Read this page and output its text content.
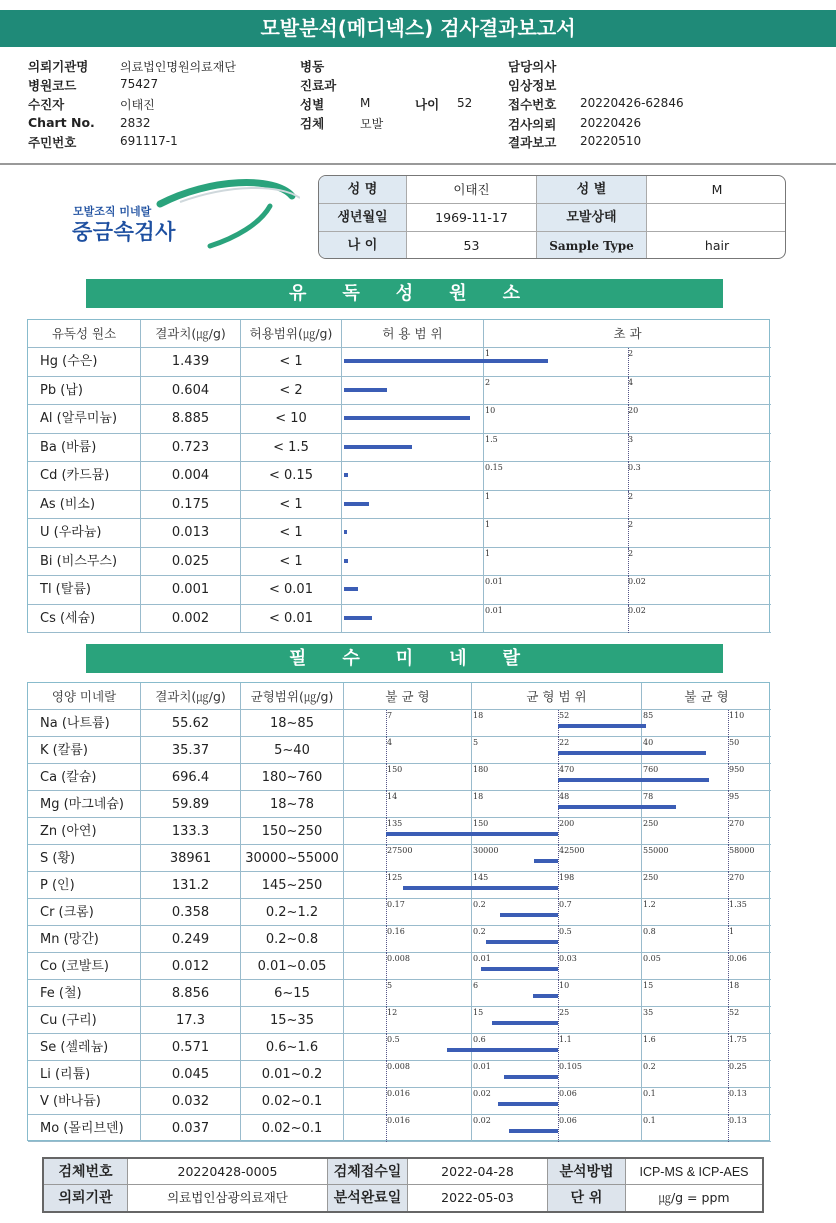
모발분석(메디넥스) 검사결과보고서
의뢰기관명	의료법인명원의료재단
병원코드	75427
수진자	이태진
Chart No. 2832
주민번호	691117-1
병동
진료과
성별	M
검체	모발
나이 52
담당의사
임상정보
접수번호 20220426-62846
검사의뢰 20220426
결과보고 20220510
모발조직 미네랄
중금속검사
성 명	이태진	성 별	M
생년월일	1969-11-17	모발상태
나 이	53	Sample Type	hair
유 독 성 원 소
유독성 원소	결과치(㎍/g)	허용범위(㎍/g)	허 용 범 위	초 과
Hg (수은)	1.439	< 1
1	2
Pb (납)	0.604	< 2
2	4
Al (알루미늄)	8.885	< 10
10	20
Ba (바륨)	0.723	< 1.5
1.5	3
Cd (카드뮴)	0.004	< 0.15
0.15	0.3
As (비소)	0.175	< 1
1	2
U (우라늄)	0.013	< 1
1	2
Bi (비스무스)	0.025	< 1
1	2
Tl (탈륨)	0.001	< 0.01
0.01	0.02
Cs (세슘)	0.002	< 0.01
0.01	0.02
필 수 미 네 랄
영양 미네랄	결과치(㎍/g)	균형범위(㎍/g)	불 균 형	균 형 범 위	불 균 형
Na (나트륨)	55.62	18~85
7	18	52	85	110
K (칼륨)	35.37	5~40
4	5	22	40	50
Ca (칼슘)	696.4	180~760
150	180	470	760	950
Mg (마그네슘)	59.89	18~78
14	18	48	78	95
Zn (아연)	133.3	150~250
135	150	200	250	270
S (황)	38961	30000~55000
27500	30000	42500	55000	58000
P (인)	131.2	145~250
125	145	198	250	270
Cr (크롬)	0.358	0.2~1.2
0.17	0.2	0.7	1.2	1.35
Mn (망간)	0.249	0.2~0.8
0.16	0.2	0.5	0.8	1
Co (코발트)	0.012	0.01~0.05
0.008	0.01	0.03	0.05	0.06
Fe (철)	8.856	6~15
5	6	10	15	18
Cu (구리)	17.3	15~35
12	15	25	35	52
Se (셀레늄)	0.571	0.6~1.6
0.5	0.6	1.1	1.6	1.75
Li (리튬)	0.045	0.01~0.2
0.008	0.01	0.105	0.2	0.25
V (바나듐)	0.032	0.02~0.1
0.016	0.02	0.06	0.1	0.13
Mo (몰리브덴)	0.037	0.02~0.1
0.016	0.02	0.06	0.1	0.13
검체번호	20220428-0005	검체접수일	2022-04-28	분석방법	ICP-MS & ICP-AES
의뢰기관	의료법인삼광의료재단	분석완료일	2022-05-03	단 위	㎍/g = ppm
